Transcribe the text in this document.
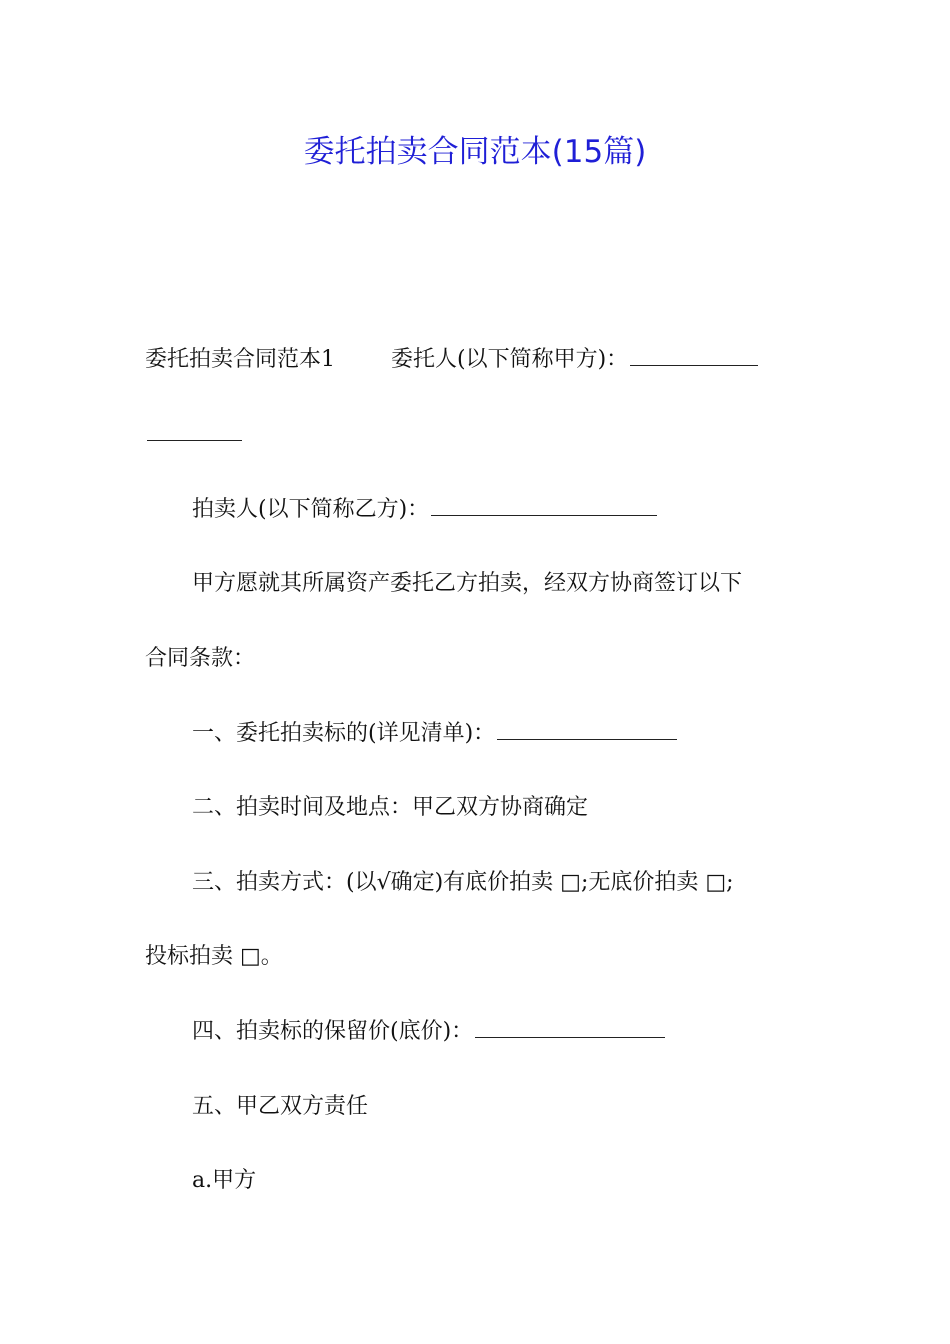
委托拍卖合同范本(15篇)

委托拍卖合同范本1	委托人(以下简称甲方)：

拍卖人(以下简称乙方)：

甲方愿就其所属资产委托乙方拍卖，经双方协商签订以下

合同条款：

一、委托拍卖标的(详见清单)：

二、拍卖时间及地点：甲乙双方协商确定

三、拍卖方式：(以√确定)有底价拍卖 □;无底价拍卖 □;

投标拍卖 □。

四、拍卖标的保留价(底价)：

五、甲乙双方责任

a.甲方
